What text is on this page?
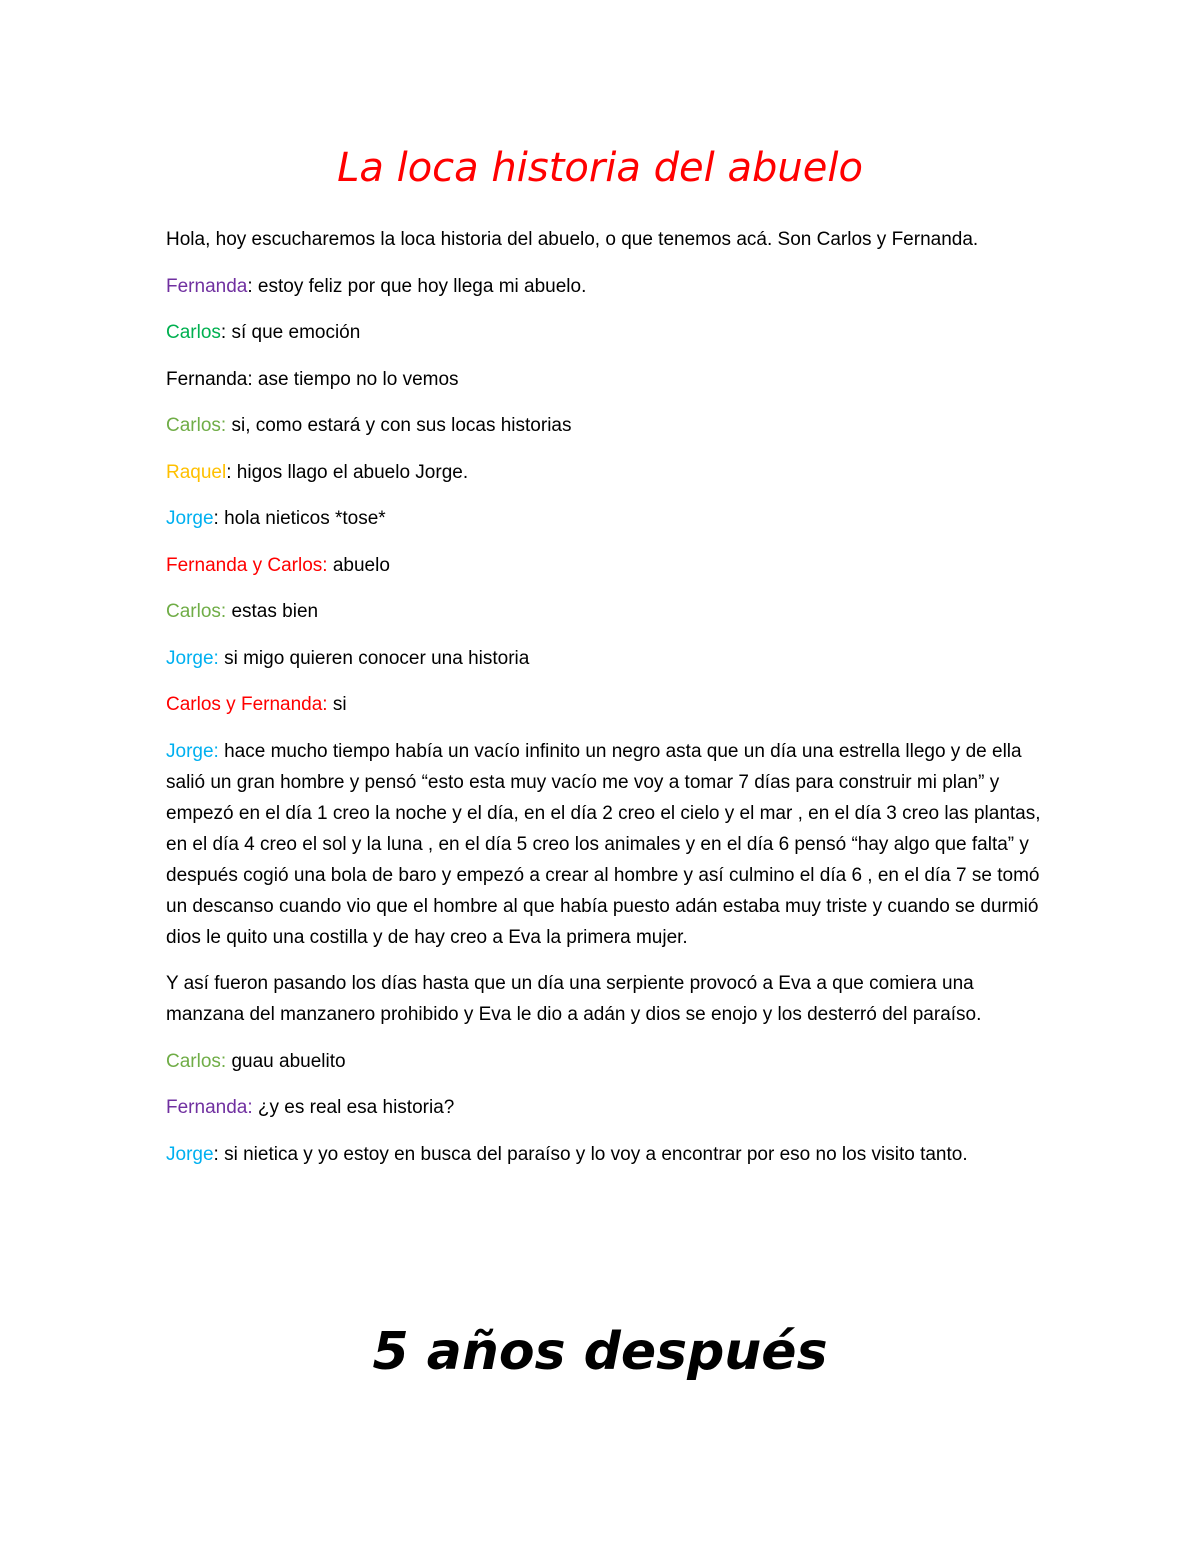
La loca historia del abuelo

Hola, hoy escucharemos la loca historia del abuelo, o que tenemos acá. Son Carlos y Fernanda.

Fernanda: estoy feliz por que hoy llega mi abuelo.

Carlos: sí que emoción

Fernanda: ase tiempo no lo vemos

Carlos: si, como estará y con sus locas historias

Raquel: higos llago el abuelo Jorge.

Jorge: hola nieticos *tose*

Fernanda y Carlos: abuelo

Carlos: estas bien

Jorge: si migo quieren conocer una historia

Carlos y Fernanda: si

Jorge: hace mucho tiempo había un vacío infinito un negro asta que un día una estrella llego y de ella salió un gran hombre y pensó “esto esta muy vacío me voy a tomar 7 días para construir mi plan” y empezó en el día 1 creo la noche y el día, en el día 2 creo el cielo y el mar , en el día 3 creo las plantas, en el día 4 creo el sol y la luna , en el día 5 creo los animales y en el día 6 pensó “hay algo que falta” y después cogió una bola de baro y empezó a crear al hombre y así culmino el día 6 , en el día 7 se tomó un descanso cuando vio que el hombre al que había puesto adán estaba muy triste y cuando se durmió dios le quito una costilla y de hay creo a Eva la primera mujer.

Y así fueron pasando los días hasta que un día una serpiente provocó a Eva a que comiera una manzana del manzanero prohibido y Eva le dio a adán y dios se enojo y los desterró del paraíso.

Carlos: guau abuelito

Fernanda: ¿y es real esa historia?

Jorge: si nietica y yo estoy en busca del paraíso y lo voy a encontrar por eso no los visito tanto.

5 años después
